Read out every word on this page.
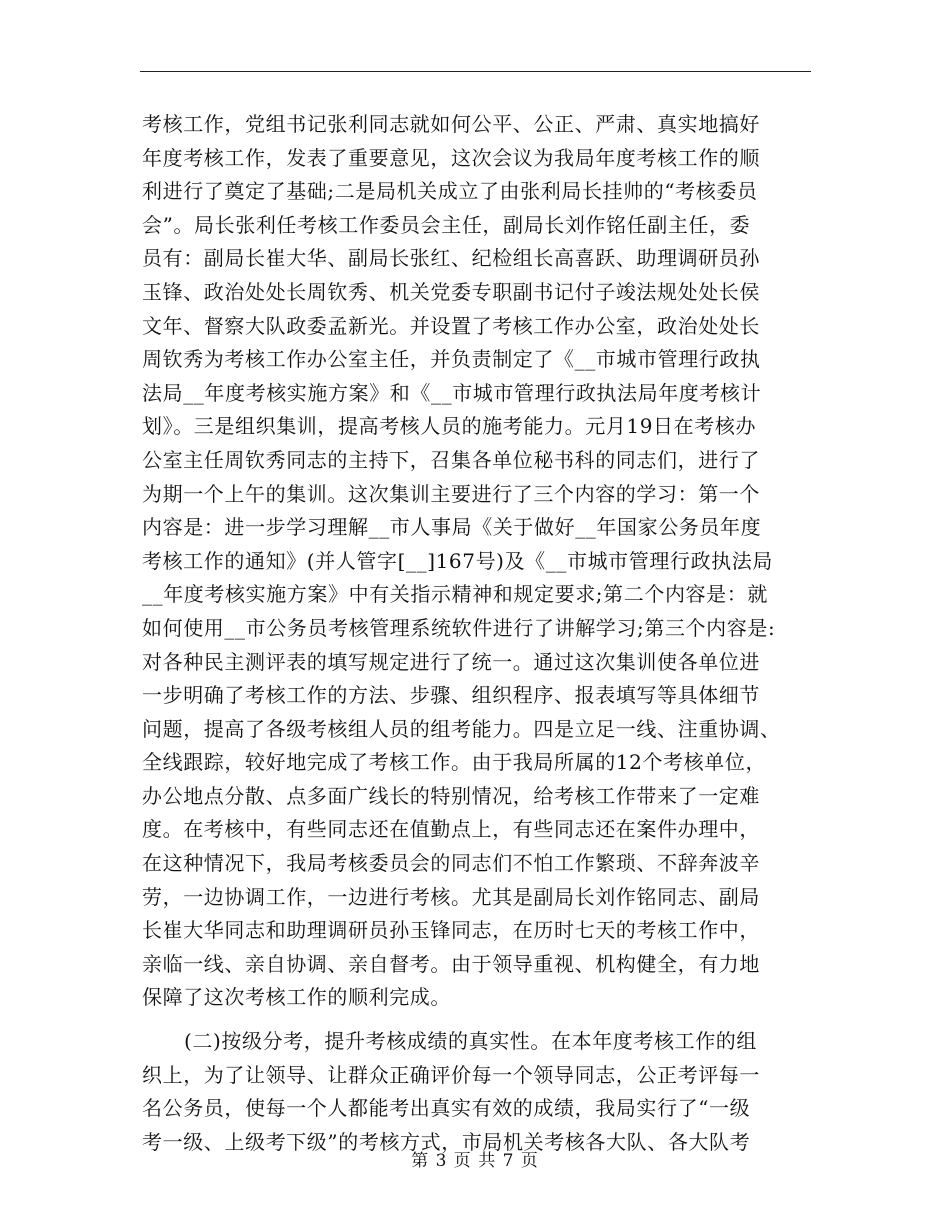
考核工作，党组书记张利同志就如何公平、公正、严肃、真实地搞好
年度考核工作，发表了重要意见，这次会议为我局年度考核工作的顺
利进行了奠定了基础;二是局机关成立了由张利局长挂帅的“考核委员
会”。局长张利任考核工作委员会主任，副局长刘作铭任副主任，委
员有：副局长崔大华、副局长张红、纪检组长高喜跃、助理调研员孙
玉锋、政治处处长周钦秀、机关党委专职副书记付子竣法规处处长侯
文年、督察大队政委孟新光。并设置了考核工作办公室，政治处处长
周钦秀为考核工作办公室主任，并负责制定了《__市城市管理行政执
法局__年度考核实施方案》和《__市城市管理行政执法局年度考核计
划》。三是组织集训，提高考核人员的施考能力。元月19日在考核办
公室主任周钦秀同志的主持下，召集各单位秘书科的同志们，进行了
为期一个上午的集训。这次集训主要进行了三个内容的学习：第一个
内容是：进一步学习理解__市人事局《关于做好__年国家公务员年度
考核工作的通知》(并人管字[__]167号)及《__市城市管理行政执法局
__年度考核实施方案》中有关指示精神和规定要求;第二个内容是：就
如何使用__市公务员考核管理系统软件进行了讲解学习;第三个内容是:
对各种民主测评表的填写规定进行了统一。通过这次集训使各单位进
一步明确了考核工作的方法、步骤、组织程序、报表填写等具体细节
问题，提高了各级考核组人员的组考能力。四是立足一线、注重协调、
全线跟踪，较好地完成了考核工作。由于我局所属的12个考核单位，
办公地点分散、点多面广线长的特别情况，给考核工作带来了一定难
度。在考核中，有些同志还在值勤点上，有些同志还在案件办理中，
在这种情况下，我局考核委员会的同志们不怕工作繁琐、不辞奔波辛
劳，一边协调工作，一边进行考核。尤其是副局长刘作铭同志、副局
长崔大华同志和助理调研员孙玉锋同志，在历时七天的考核工作中，
亲临一线、亲自协调、亲自督考。由于领导重视、机构健全，有力地
保障了这次考核工作的顺利完成。
(二)按级分考，提升考核成绩的真实性。在本年度考核工作的组
织上，为了让领导、让群众正确评价每一个领导同志，公正考评每一
名公务员，使每一个人都能考出真实有效的成绩，我局实行了“一级
考一级、上级考下级”的考核方式，市局机关考核各大队、各大队考
第 3 页 共 7 页
